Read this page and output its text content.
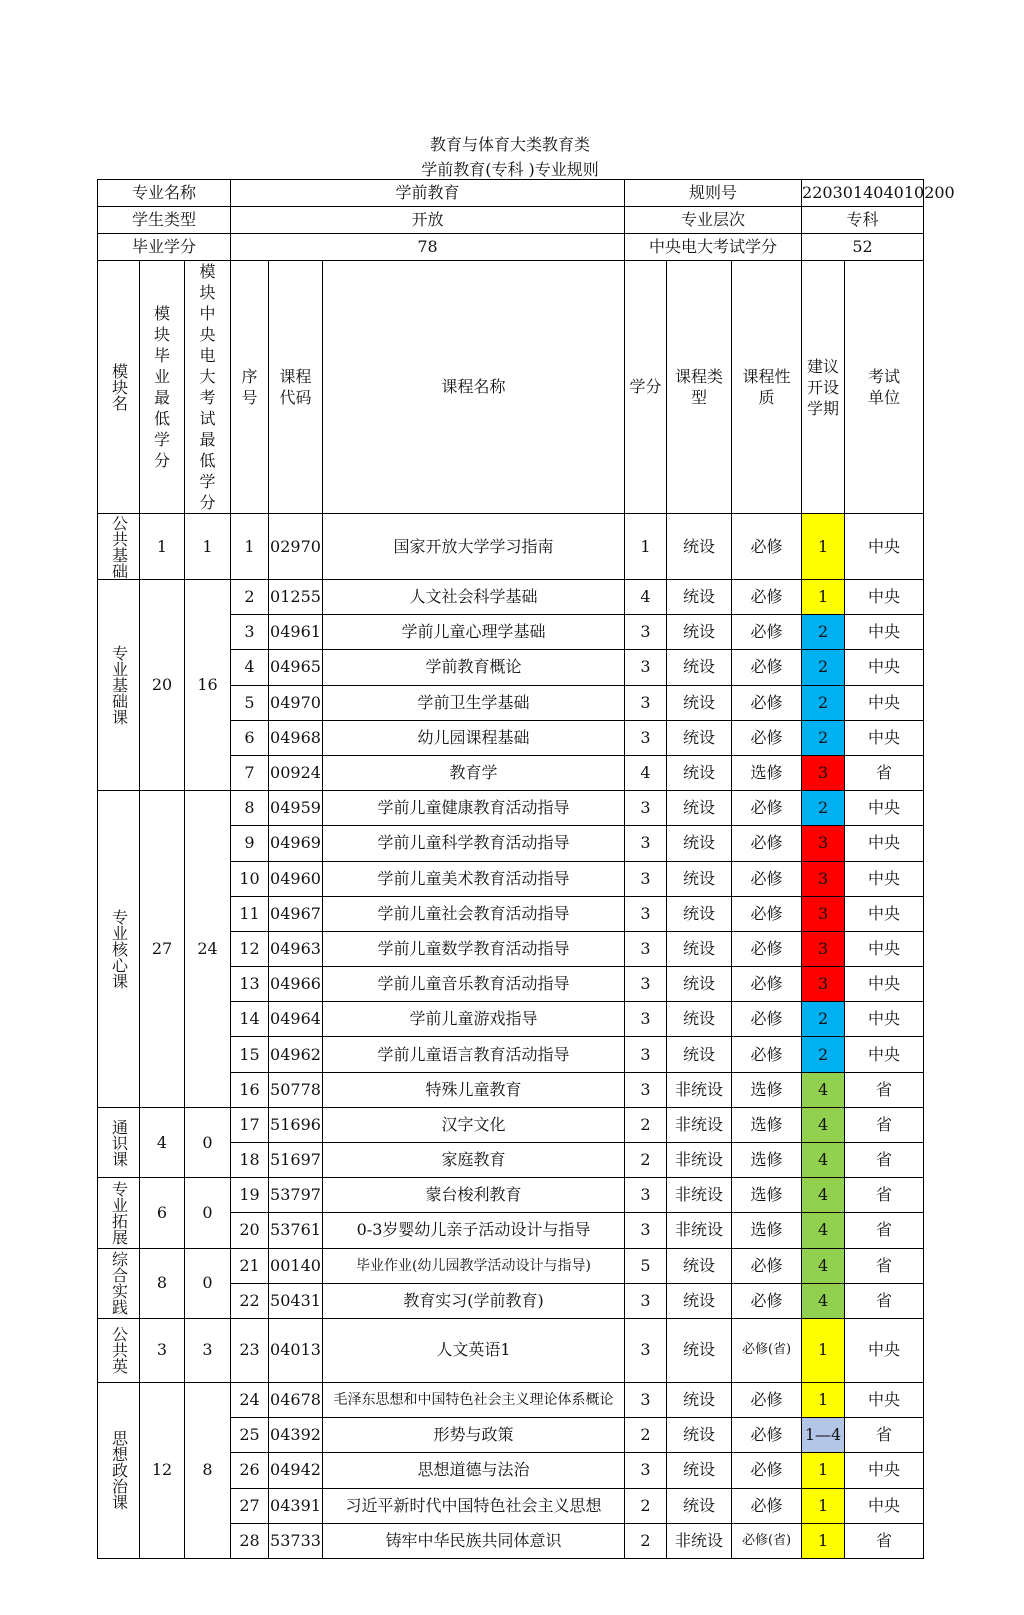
教育与体育大类教育类
学前教育(专科 )专业规则
专业名称			学前教育			规则号			220301404010200	
学生类型			开放			专业层次			专科	
毕业学分			78			中央电大考试学分			52	

模块名	模块毕业最低学分	模块中央电大考试最低学分	序号	课程代码	课程名称	学分	课程类型	课程性质	建议开设学期	考试单位

公共基础	1	1	1	02970	国家开放大学学习指南	1	统设	必修	1	中央

专业基础课	20	16	2	01255	人文社会科学基础	4	统设	必修	1	中央
			3	04961	学前儿童心理学基础	3	统设	必修	2	中央
			4	04965	学前教育概论	3	统设	必修	2	中央
			5	04970	学前卫生学基础	3	统设	必修	2	中央
			6	04968	幼儿园课程基础	3	统设	必修	2	中央
			7	00924	教育学	4	统设	选修	3	省

专业核心课	27	24	8	04959	学前儿童健康教育活动指导	3	统设	必修	2	中央
			9	04969	学前儿童科学教育活动指导	3	统设	必修	3	中央
			10	04960	学前儿童美术教育活动指导	3	统设	必修	3	中央
			11	04967	学前儿童社会教育活动指导	3	统设	必修	3	中央
			12	04963	学前儿童数学教育活动指导	3	统设	必修	3	中央
			13	04966	学前儿童音乐教育活动指导	3	统设	必修	3	中央
			14	04964	学前儿童游戏指导	3	统设	必修	2	中央
			15	04962	学前儿童语言教育活动指导	3	统设	必修	2	中央
			16	50778	特殊儿童教育	3	非统设	选修	4	省

通识课	4	0	17	51696	汉字文化	2	非统设	选修	4	省
			18	51697	家庭教育	2	非统设	选修	4	省

专业拓展	6	0	19	53797	蒙台梭利教育	3	非统设	选修	4	省
			20	53761	0-3岁婴幼儿亲子活动设计与指导	3	非统设	选修	4	省

综合实践	8	0	21	00140	毕业作业(幼儿园教学活动设计与指导)	5	统设	必修	4	省
			22	50431	教育实习(学前教育)	3	统设	必修	4	省

公共英	3	3	23	04013	人文英语1	3	统设	必修(省)	1	中央

思想政治课	12	8	24	04678	毛泽东思想和中国特色社会主义理论体系概论	3	统设	必修	1	中央
			25	04392	形势与政策	2	统设	必修	1—4	省
			26	04942	思想道德与法治	3	统设	必修	1	中央
			27	04391	习近平新时代中国特色社会主义思想	2	统设	必修	1	中央
			28	53733	铸牢中华民族共同体意识	2	非统设	必修(省)	1	省
